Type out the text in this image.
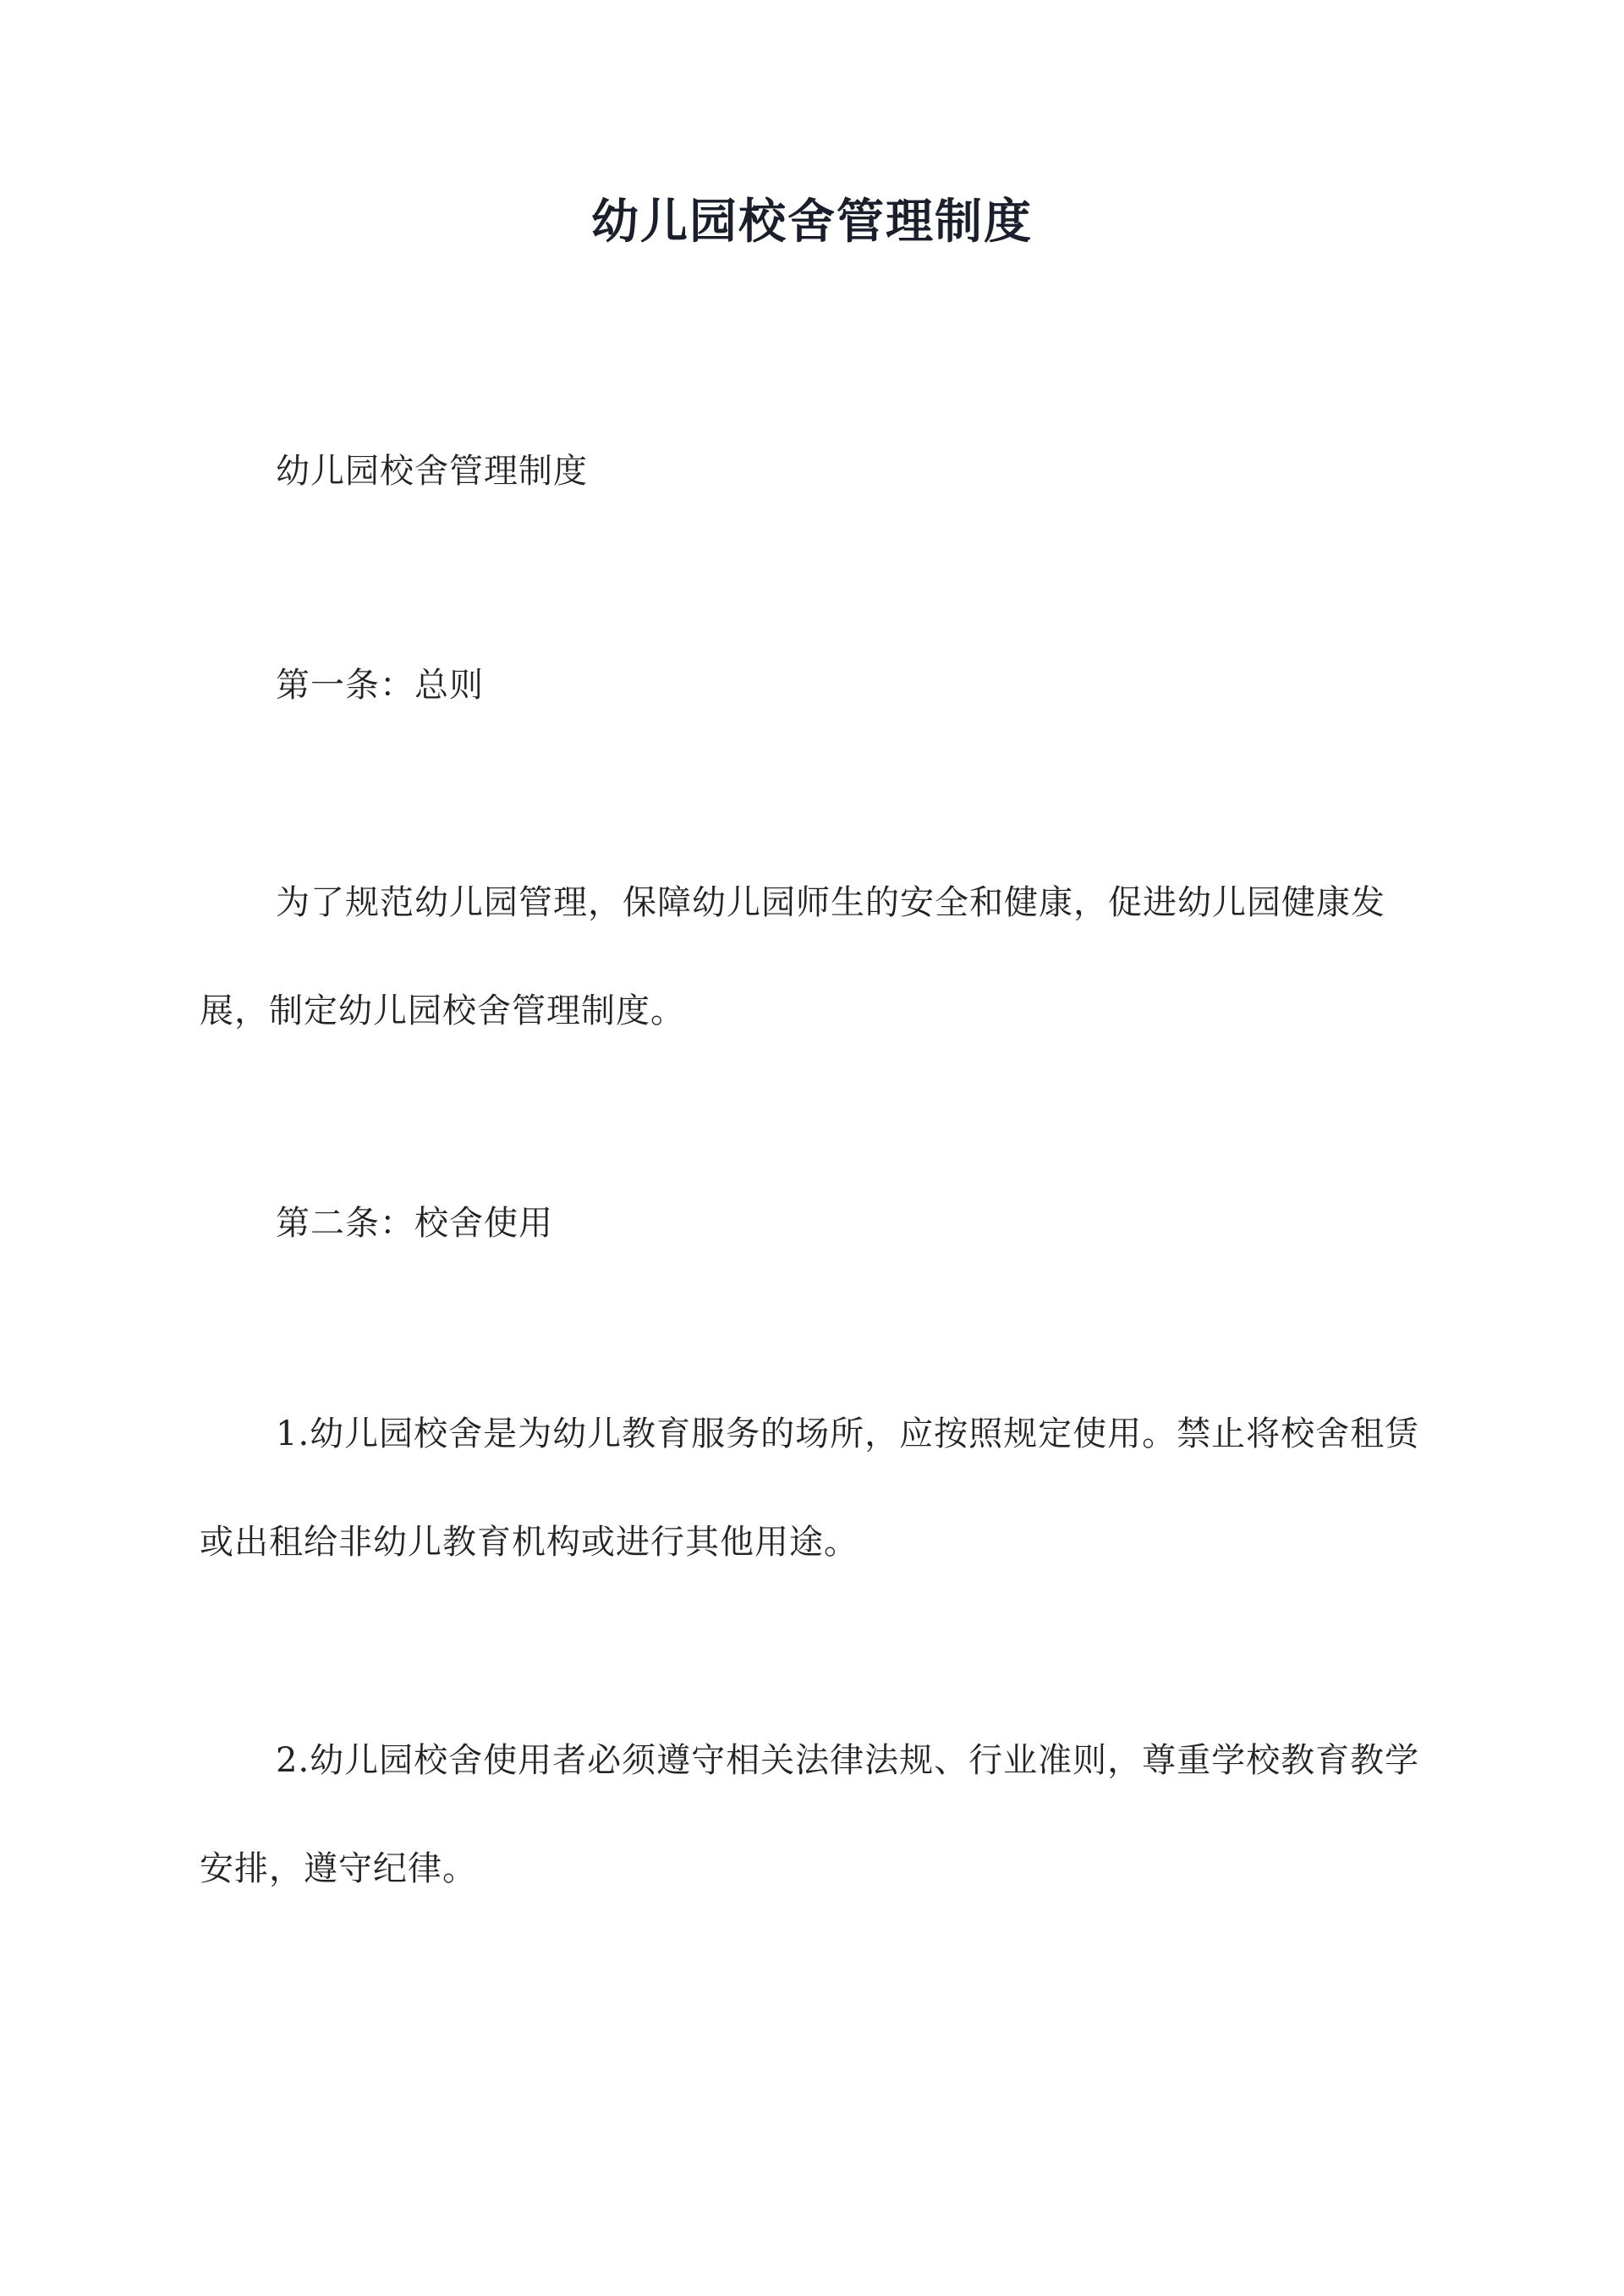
幼儿园校舍管理制度

幼儿园校舍管理制度

第一条：总则

为了规范幼儿园管理，保障幼儿园师生的安全和健康，促进幼儿园健康发展，制定幼儿园校舍管理制度。

第二条：校舍使用

1.幼儿园校舍是为幼儿教育服务的场所，应按照规定使用。禁止将校舍租赁或出租给非幼儿教育机构或进行其他用途。

2.幼儿园校舍使用者必须遵守相关法律法规、行业准则，尊重学校教育教学安排，遵守纪律。
